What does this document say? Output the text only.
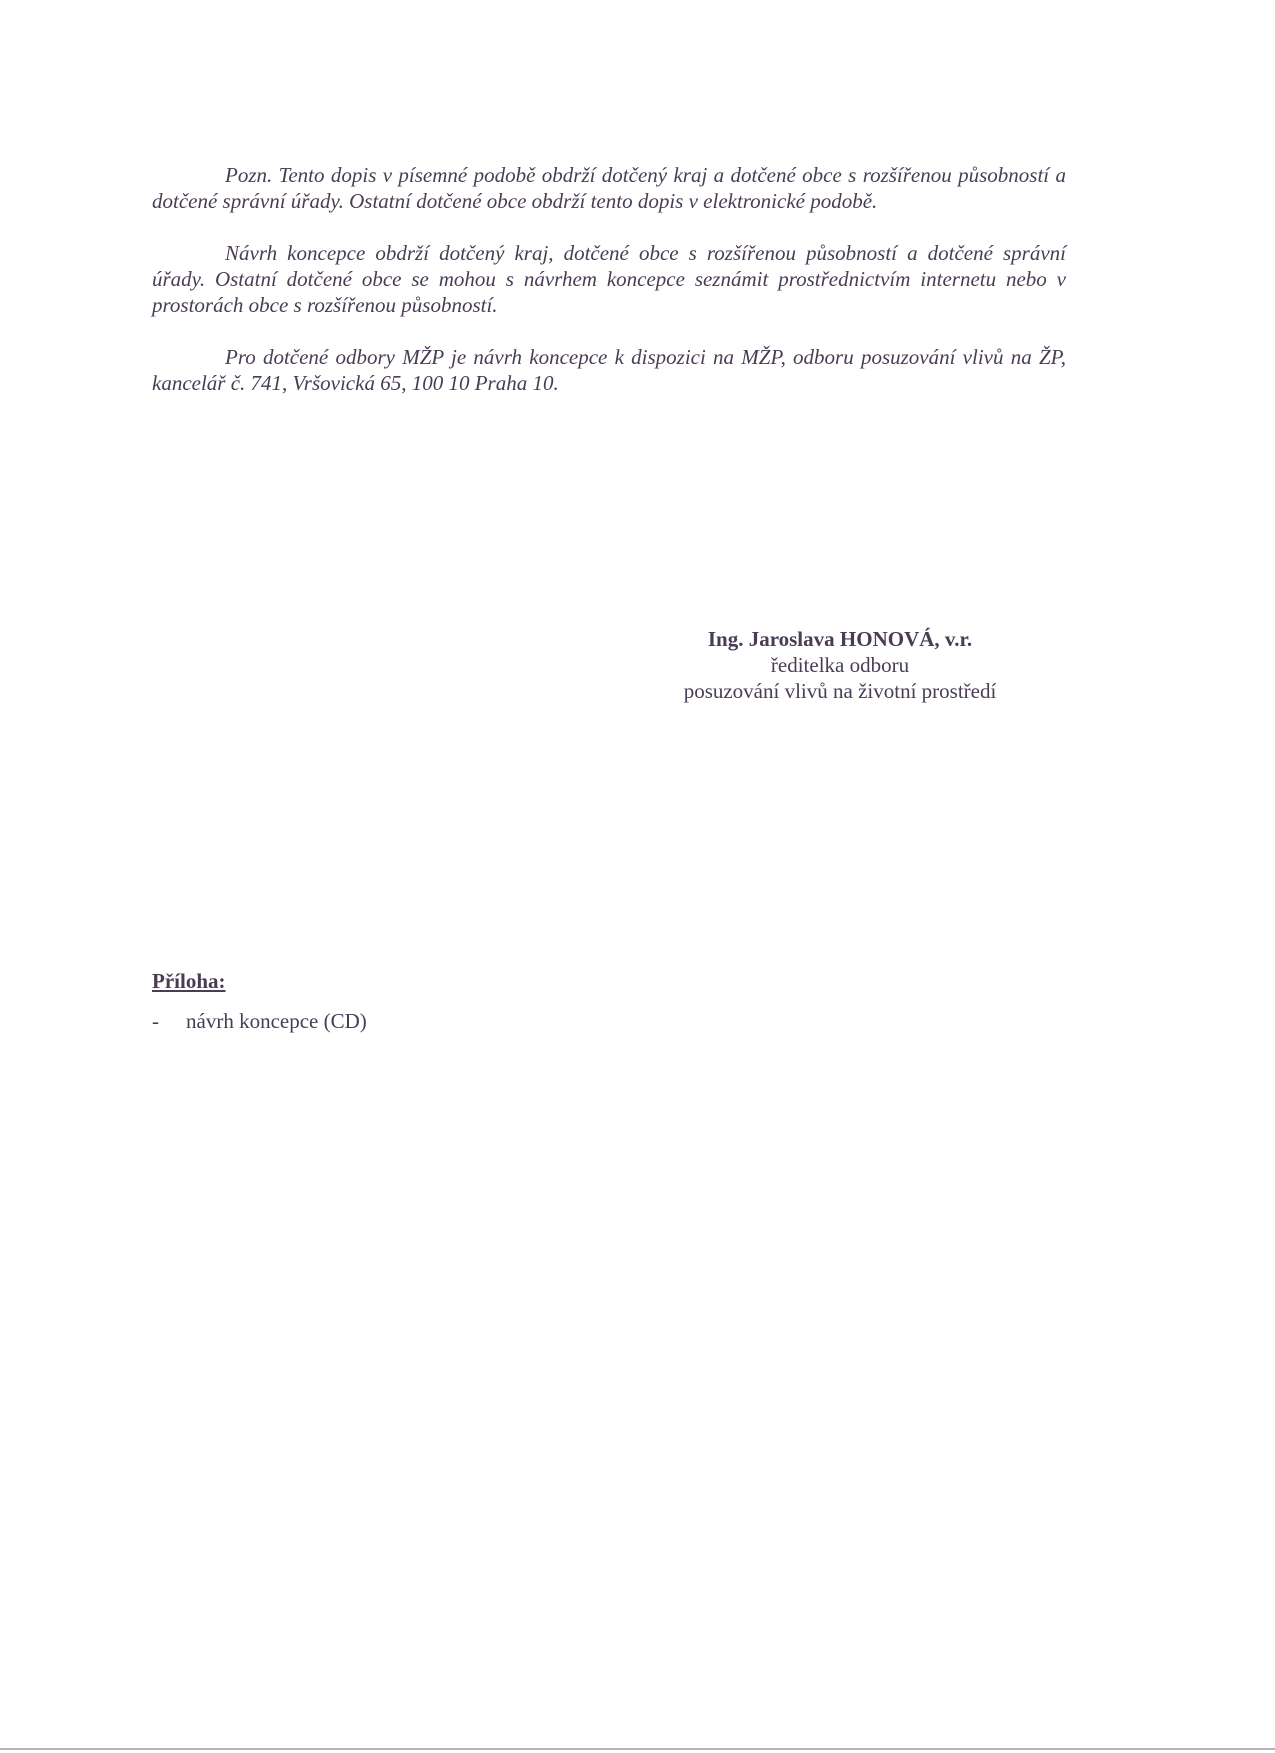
Pozn. Tento dopis v písemné podobě obdrží dotčený kraj a dotčené obce s rozšířenou působností a dotčené správní úřady. Ostatní dotčené obce obdrží tento dopis v elektronické podobě.

Návrh koncepce obdrží dotčený kraj, dotčené obce s rozšířenou působností a dotčené správní úřady. Ostatní dotčené obce se mohou s návrhem koncepce seznámit prostřednictvím internetu nebo v prostorách obce s rozšířenou působností.

Pro dotčené odbory MŽP je návrh koncepce k dispozici na MŽP, odboru posuzování vlivů na ŽP, kancelář č. 741, Vršovická 65, 100 10 Praha 10.

Ing. Jaroslava HONOVÁ, v.r.
ředitelka odboru
posuzování vlivů na životní prostředí
Příloha:
-	návrh koncepce (CD)
